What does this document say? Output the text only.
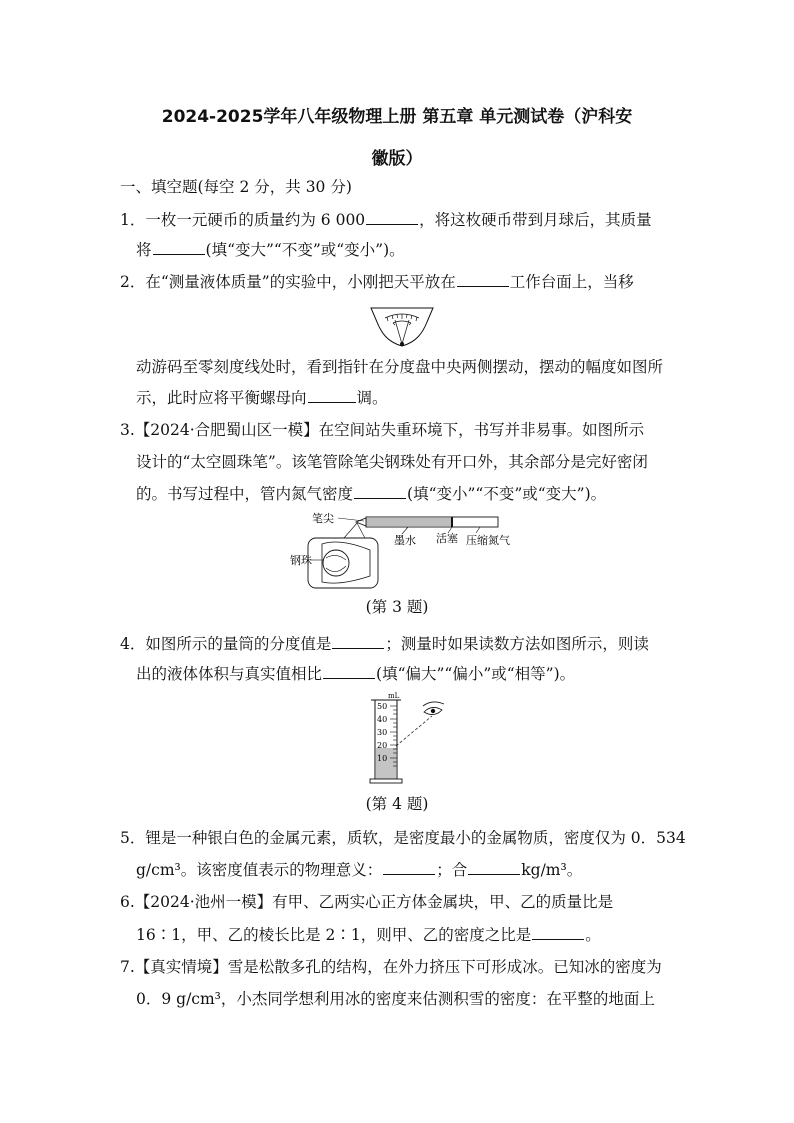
2024-2025学年八年级物理上册 第五章 单元测试卷（沪科安
徽版）
一、填空题(每空 2 分，共 30 分)
1．一枚一元硬币的质量约为 6 000	，将这枚硬币带到月球后，其质量
将	(填“变大”“不变”或“变小”)。
2．在“测量液体质量”的实验中，小刚把天平放在	工作台面上，当移
动游码至零刻度线处时，看到指针在分度盘中央两侧摆动，摆动的幅度如图所
示，此时应将平衡螺母向	调。
3.【2024·合肥蜀山区一模】在空间站失重环境下，书写并非易事。如图所示
设计的“太空圆珠笔”。该笔管除笔尖钢珠处有开口外，其余部分是完好密闭
的。书写过程中，管内氮气密度	(填“变小”“不变”或“变大”)。
笔尖
钢珠
墨水 活塞 压缩氮气
(第 3 题)
4．如图所示的量筒的分度值是	；测量时如果读数方法如图所示，则读
出的液体体积与真实值相比	(填“偏大”“偏小”或“相等”)。
mL
50
40
30
20
10
(第 4 题)
5．锂是一种银白色的金属元素，质软，是密度最小的金属物质，密度仅为 0．534
g/cm³。该密度值表示的物理意义：	；合	kg/m³。
6.【2024·池州一模】有甲、乙两实心正方体金属块，甲、乙的质量比是
16∶1，甲、乙的棱长比是 2∶1，则甲、乙的密度之比是	。
7.【真实情境】雪是松散多孔的结构，在外力挤压下可形成冰。已知冰的密度为
0．9 g/cm³，小杰同学想利用冰的密度来估测积雪的密度：在平整的地面上
